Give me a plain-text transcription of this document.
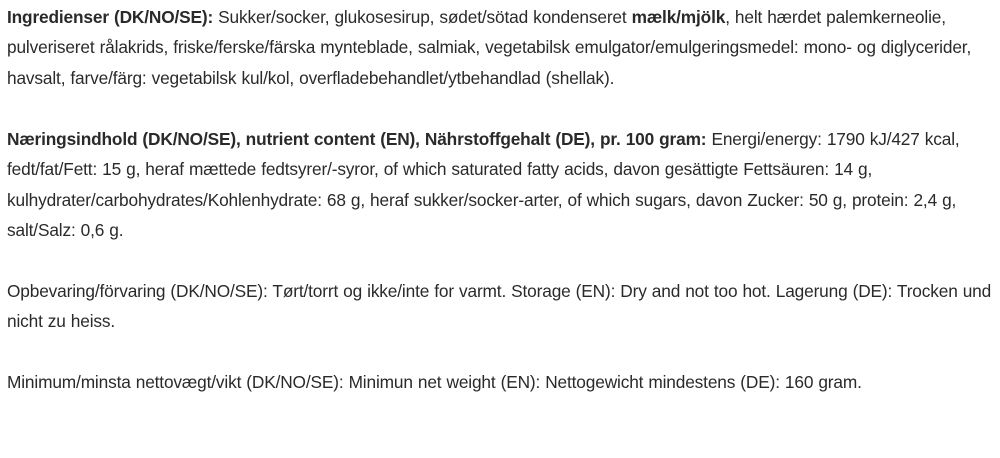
Ingredienser (DK/NO/SE): Sukker/socker, glukosesirup, sødet/sötad kondenseret mælk/mjölk, helt hærdet palemkerneolie, pulveriseret rålakrids, friske/ferske/färska mynteblade, salmiak, vegetabilsk emulgator/emulgeringsmedel: mono- og diglycerider, havsalt, farve/färg: vegetabilsk kul/kol, overfladebehandlet/ytbehandlad (shellak).

Næringsindhold (DK/NO/SE), nutrient content (EN), Nährstoffgehalt (DE), pr. 100 gram: Energi/energy: 1790 kJ/427 kcal, fedt/fat/Fett: 15 g, heraf mættede fedtsyrer/-syror, of which saturated fatty acids, davon gesättigte Fettsäuren: 14 g, kulhydrater/carbohydrates/Kohlenhydrate: 68 g, heraf sukker/socker-arter, of which sugars, davon Zucker: 50 g, protein: 2,4 g, salt/Salz: 0,6 g.

Opbevaring/förvaring (DK/NO/SE): Tørt/torrt og ikke/inte for varmt. Storage (EN): Dry and not too hot. Lagerung (DE): Trocken und nicht zu heiss.

Minimum/minsta nettovægt/vikt (DK/NO/SE): Minimun net weight (EN): Nettogewicht mindestens (DE): 160 gram.
